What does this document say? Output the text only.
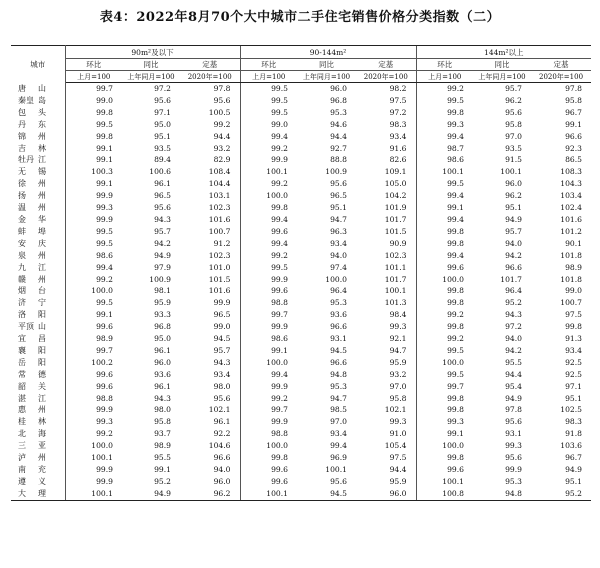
表4：2022年8月70个大中城市二手住宅销售价格分类指数（二）
城市	90m²及以下			90-144m²			144m²以上		
	环比	同比	定基	环比	同比	定基	环比	同比	定基
	上月=100	上年同月=100	2020年=100	上月=100	上年同月=100	2020年=100	上月=100	上年同月=100	2020年=100
唐 山	99.7	97.2	97.8	99.5	96.0	98.2	99.2	95.7	97.8
秦皇 岛	99.0	95.6	95.6	99.5	96.8	97.5	99.5	96.2	95.8
包 头	99.8	97.1	100.5	99.5	95.3	97.2	99.8	95.6	96.7
丹 东	99.5	95.0	99.2	99.0	94.6	98.3	99.3	95.8	99.1
锦 州	99.8	95.1	94.4	99.4	94.4	93.4	99.4	97.0	96.6
吉 林	99.1	93.5	93.2	99.2	92.7	91.6	98.7	93.5	92.3
牡丹 江	99.1	89.4	82.9	99.9	88.8	82.6	98.6	91.5	86.5
无 锡	100.3	100.6	108.4	100.1	100.9	109.1	100.1	100.1	108.3
徐 州	99.1	96.1	104.4	99.2	95.6	105.0	99.5	96.0	104.3
扬 州	99.9	96.5	103.1	100.0	96.5	104.2	99.4	96.2	103.4
温 州	99.3	95.6	102.3	99.8	95.1	101.9	99.1	95.1	102.4
金 华	99.9	94.3	101.6	99.4	94.7	101.7	99.4	94.9	101.6
蚌 埠	99.5	95.7	100.7	99.6	96.3	101.5	99.8	95.7	101.2
安 庆	99.5	94.2	91.2	99.4	93.4	90.9	99.8	94.0	90.1
泉 州	98.6	94.9	102.3	99.2	94.0	102.3	99.4	94.2	101.8
九 江	99.4	97.9	101.0	99.5	97.4	101.1	99.6	96.6	98.9
赣 州	99.2	100.9	101.5	99.9	100.0	101.7	100.0	101.7	101.8
烟 台	100.0	98.1	101.6	99.6	96.4	100.1	99.8	96.4	99.0
济 宁	99.5	95.9	99.9	98.8	95.3	101.3	99.8	95.2	100.7
洛 阳	99.1	93.3	96.5	99.7	93.6	98.4	99.2	94.3	97.5
平顶 山	99.6	96.8	99.0	99.9	96.6	99.3	99.8	97.2	99.8
宜 昌	98.9	95.0	94.5	98.6	93.1	92.1	99.2	94.0	91.3
襄 阳	99.7	96.1	95.7	99.1	94.5	94.7	99.5	94.2	93.4
岳 阳	100.2	96.0	94.3	100.0	96.6	95.9	100.0	95.5	92.5
常 德	99.6	93.6	93.4	99.4	94.8	93.2	99.5	94.4	92.5
韶 关	99.6	96.1	98.0	99.9	95.3	97.0	99.7	95.4	97.1
湛 江	98.8	94.3	95.6	99.2	94.7	95.8	99.8	94.9	95.1
惠 州	99.9	98.0	102.1	99.7	98.5	102.1	99.8	97.8	102.5
桂 林	99.3	95.8	96.1	99.9	97.0	99.3	99.3	95.6	98.3
北 海	99.2	93.7	92.2	98.8	93.4	91.0	99.1	93.1	91.8
三 亚	100.0	98.9	104.6	100.0	99.4	105.4	100.0	99.3	103.6
泸 州	100.1	95.5	96.6	99.8	96.9	97.5	99.8	95.6	96.7
南 充	99.9	99.1	94.0	99.6	100.1	94.4	99.6	99.9	94.9
遵 义	99.9	95.2	96.0	99.6	95.6	95.9	100.1	95.3	95.1
大 理	100.1	94.9	96.2	100.1	94.5	96.0	100.8	94.8	95.2
